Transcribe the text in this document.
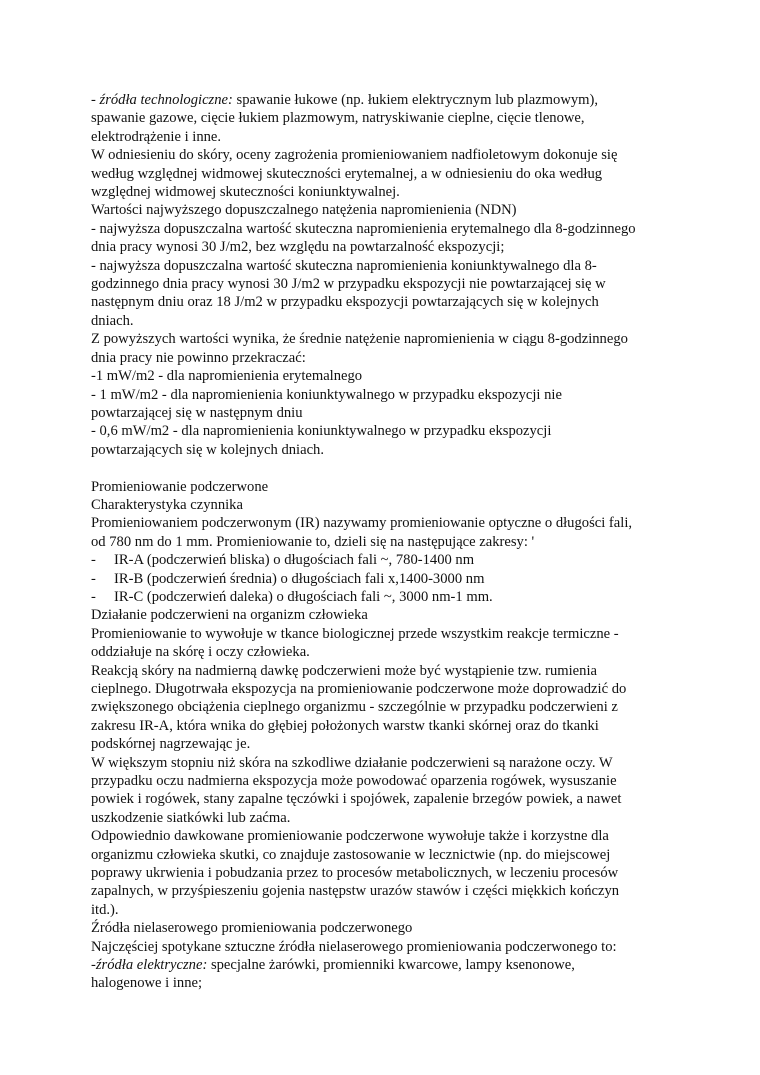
- źródła technologiczne: spawanie łukowe (np. łukiem elektrycznym lub plazmowym),
spawanie gazowe, cięcie łukiem plazmowym, natryskiwanie cieplne, cięcie tlenowe,
elektrodrążenie i inne.
W odniesieniu do skóry, oceny zagrożenia promieniowaniem nadfioletowym dokonuje się
według względnej widmowej skuteczności erytemalnej, a w odniesieniu do oka według
względnej widmowej skuteczności koniunktywalnej.
Wartości najwyższego dopuszczalnego natężenia napromienienia (NDN)
- najwyższa dopuszczalna wartość skuteczna napromienienia erytemalnego dla 8-godzinnego
dnia pracy wynosi 30 J/m2, bez względu na powtarzalność ekspozycji;
- najwyższa dopuszczalna wartość skuteczna napromienienia koniunktywalnego dla 8-
godzinnego dnia pracy wynosi 30 J/m2 w przypadku ekspozycji nie powtarzającej się w
następnym dniu oraz 18 J/m2 w przypadku ekspozycji powtarzających się w kolejnych
dniach.
Z powyższych wartości wynika, że średnie natężenie napromienienia w ciągu 8-godzinnego
dnia pracy nie powinno przekraczać:
-1 mW/m2 - dla napromienienia erytemalnego
- 1 mW/m2 - dla napromienienia koniunktywalnego w przypadku ekspozycji nie
powtarzającej się w następnym dniu
- 0,6 mW/m2 - dla napromienienia koniunktywalnego w przypadku ekspozycji
powtarzających się w kolejnych dniach.
Promieniowanie podczerwone
Charakterystyka czynnika
Promieniowaniem podczerwonym (IR) nazywamy promieniowanie optyczne o długości fali,
od 780 nm do 1 mm. Promieniowanie to, dzieli się na następujące zakresy: '
- IR-A (podczerwień bliska) o długościach fali ~, 780-1400 nm
- IR-B (podczerwień średnia) o długościach fali x,1400-3000 nm
- IR-C (podczerwień daleka) o długościach fali ~, 3000 nm-1 mm.
Działanie podczerwieni na organizm człowieka
Promieniowanie to wywołuje w tkance biologicznej przede wszystkim reakcje termiczne -
oddziałuje na skórę i oczy człowieka.
Reakcją skóry na nadmierną dawkę podczerwieni może być wystąpienie tzw. rumienia
cieplnego. Długotrwała ekspozycja na promieniowanie podczerwone może doprowadzić do
zwiększonego obciążenia cieplnego organizmu - szczególnie w przypadku podczerwieni z
zakresu IR-A, która wnika do głębiej położonych warstw tkanki skórnej oraz do tkanki
podskórnej nagrzewając je.
W większym stopniu niż skóra na szkodliwe działanie podczerwieni są narażone oczy. W
przypadku oczu nadmierna ekspozycja może powodować oparzenia rogówek, wysuszanie
powiek i rogówek, stany zapalne tęczówki i spojówek, zapalenie brzegów powiek, a nawet
uszkodzenie siatkówki lub zaćma.
Odpowiednio dawkowane promieniowanie podczerwone wywołuje także i korzystne dla
organizmu człowieka skutki, co znajduje zastosowanie w lecznictwie (np. do miejscowej
poprawy ukrwienia i pobudzania przez to procesów metabolicznych, w leczeniu procesów
zapalnych, w przyśpieszeniu gojenia następstw urazów stawów i części miękkich kończyn
itd.).
Źródła nielaserowego promieniowania podczerwonego
Najczęściej spotykane sztuczne źródła nielaserowego promieniowania podczerwonego to:
-źródła elektryczne: specjalne żarówki, promienniki kwarcowe, lampy ksenonowe,
halogenowe i inne;
